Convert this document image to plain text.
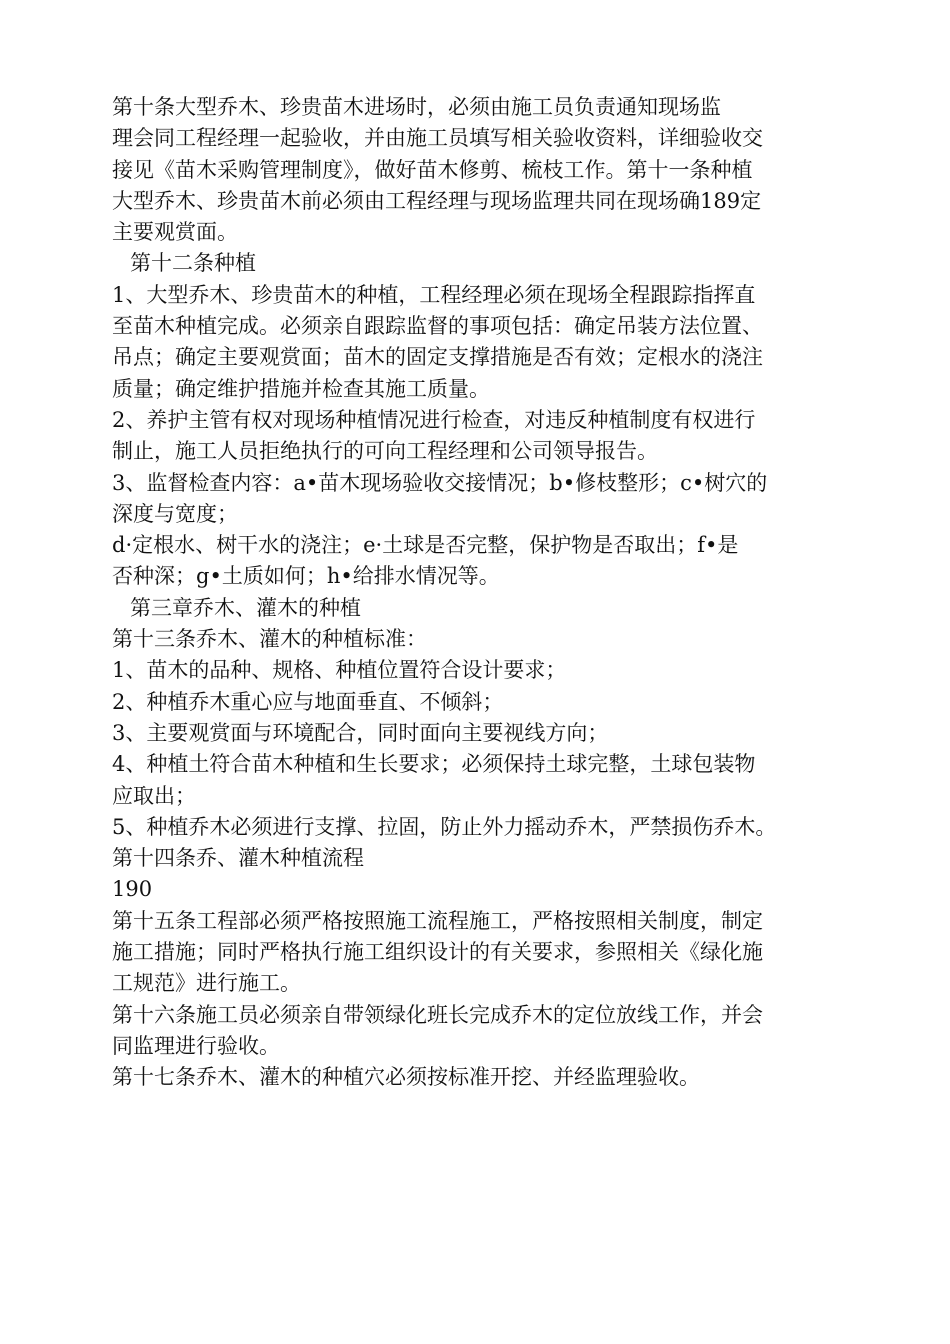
第十条大型乔木、珍贵苗木进场时，必须由施工员负责通知现场监
理会同工程经理一起验收，并由施工员填写相关验收资料，详细验收交
接见《苗木采购管理制度》，做好苗木修剪、梳枝工作。第十一条种植
大型乔木、珍贵苗木前必须由工程经理与现场监理共同在现场确189定
主要观赏面。
第十二条种植
1、大型乔木、珍贵苗木的种植，工程经理必须在现场全程跟踪指挥直
至苗木种植完成。必须亲自跟踪监督的事项包括：确定吊装方法位置、
吊点；确定主要观赏面；苗木的固定支撑措施是否有效；定根水的浇注
质量；确定维护措施并检查其施工质量。
2、养护主管有权对现场种植情况进行检查，对违反种植制度有权进行
制止，施工人员拒绝执行的可向工程经理和公司领导报告。
3、监督检查内容：a•苗木现场验收交接情况；b•修枝整形；c•树穴的
深度与宽度；
d·定根水、树干水的浇注；e·土球是否完整，保护物是否取出；f•是
否种深；g•土质如何；h•给排水情况等。
第三章乔木、灌木的种植
第十三条乔木、灌木的种植标准：
1、苗木的品种、规格、种植位置符合设计要求；
2、种植乔木重心应与地面垂直、不倾斜；
3、主要观赏面与环境配合，同时面向主要视线方向；
4、种植土符合苗木种植和生长要求；必须保持土球完整，土球包装物
应取出；
5、种植乔木必须进行支撑、拉固，防止外力摇动乔木，严禁损伤乔木。
第十四条乔、灌木种植流程
190
第十五条工程部必须严格按照施工流程施工，严格按照相关制度，制定
施工措施；同时严格执行施工组织设计的有关要求，参照相关《绿化施
工规范》进行施工。
第十六条施工员必须亲自带领绿化班长完成乔木的定位放线工作，并会
同监理进行验收。
第十七条乔木、灌木的种植穴必须按标准开挖、并经监理验收。
